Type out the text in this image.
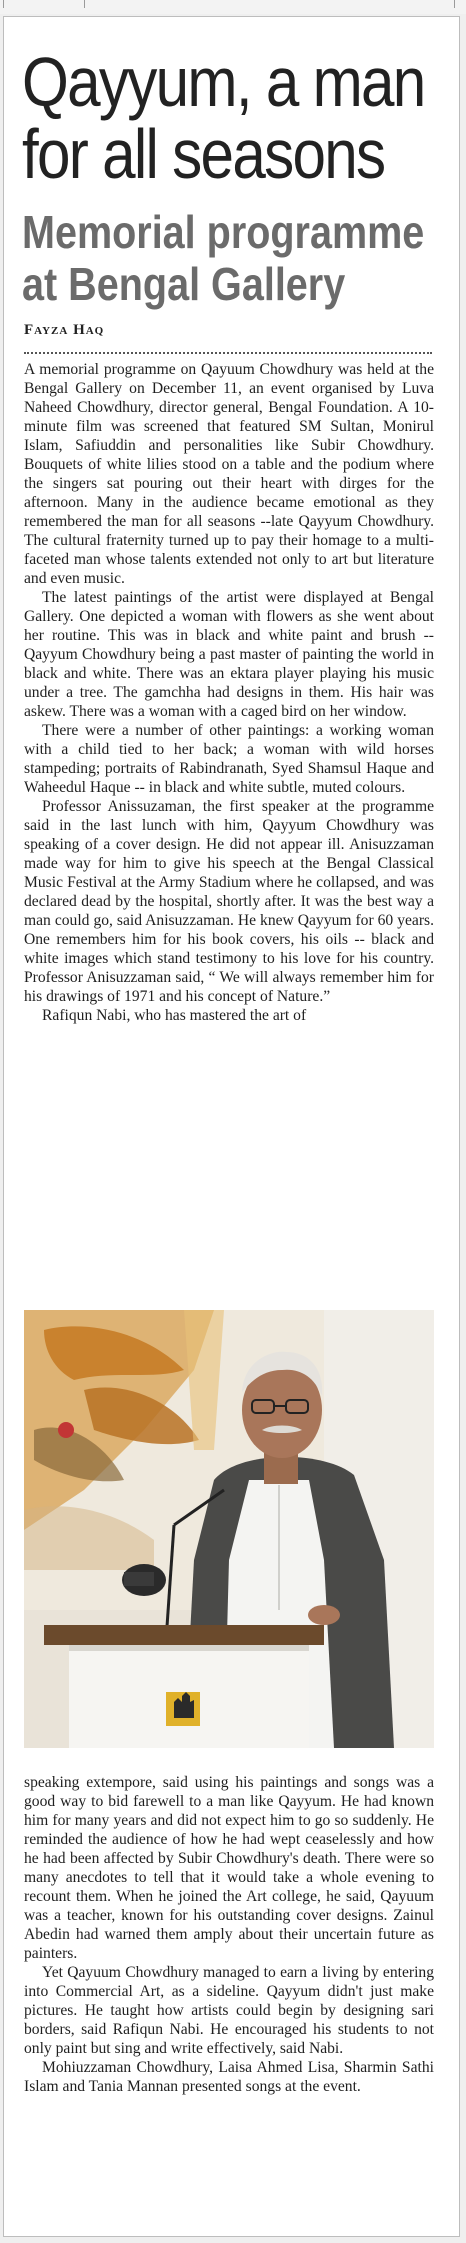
Qayyum, a man
for all seasons
Memorial programme
at Bengal Gallery
Fayza Haq

A memorial programme on Qayuum Chowdhury was held at the Bengal Gallery on December 11, an event organised by Luva Naheed Chowdhury, director general, Bengal Foundation. A 10-minute film was screened that featured SM Sultan, Monirul Islam, Safiuddin and personalities like Subir Chowdhury. Bouquets of white lilies stood on a table and the podium where the singers sat pouring out their heart with dirges for the afternoon. Many in the audience became emotional as they remembered the man for all seasons --late Qayyum Chowdhury. The cultural fraternity turned up to pay their homage to a multi-faceted man whose talents extended not only to art but literature and even music.

The latest paintings of the artist were displayed at Bengal Gallery. One depicted a woman with flowers as she went about her routine. This was in black and white paint and brush -- Qayyum Chowdhury being a past master of painting the world in black and white. There was an ektara player playing his music under a tree. The gamchha had designs in them. His hair was askew. There was a woman with a caged bird on her window.

There were a number of other paintings: a working woman with a child tied to her back; a woman with wild horses stampeding; portraits of Rabindranath, Syed Shamsul Haque and Waheedul Haque -- in black and white subtle, muted colours.

Professor Anissuzaman, the first speaker at the programme said in the last lunch with him, Qayyum Chowdhury was speaking of a cover design. He did not appear ill. Anisuzzaman made way for him to give his speech at the Bengal Classical Music Festival at the Army Stadium where he collapsed, and was declared dead by the hospital, shortly after. It was the best way a man could go, said Anisuzzaman. He knew Qayyum for 60 years. One remembers him for his book covers, his oils -- black and white images which stand testimony to his love for his country. Professor Anisuzzaman said, “ We will always remember him for his drawings of 1971 and his concept of Nature.”

Rafiqun Nabi, who has mastered the art of

speaking extempore, said using his paintings and songs was a good way to bid farewell to a man like Qayyum. He had known him for many years and did not expect him to go so suddenly. He reminded the audience of how he had wept ceaselessly and how he had been affected by Subir Chowdhury's death. There were so many anecdotes to tell that it would take a whole evening to recount them. When he joined the Art college, he said, Qayuum was a teacher, known for his outstanding cover designs. Zainul Abedin had warned them amply about their uncertain future as painters.

Yet Qayuum Chowdhury managed to earn a living by entering into Commercial Art, as a sideline. Qayyum didn't just make pictures. He taught how artists could begin by designing sari borders, said Rafiqun Nabi. He encouraged his students to not only paint but sing and write effectively, said Nabi.

Mohiuzzaman Chowdhury, Laisa Ahmed Lisa, Sharmin Sathi Islam and Tania Mannan presented songs at the event.
